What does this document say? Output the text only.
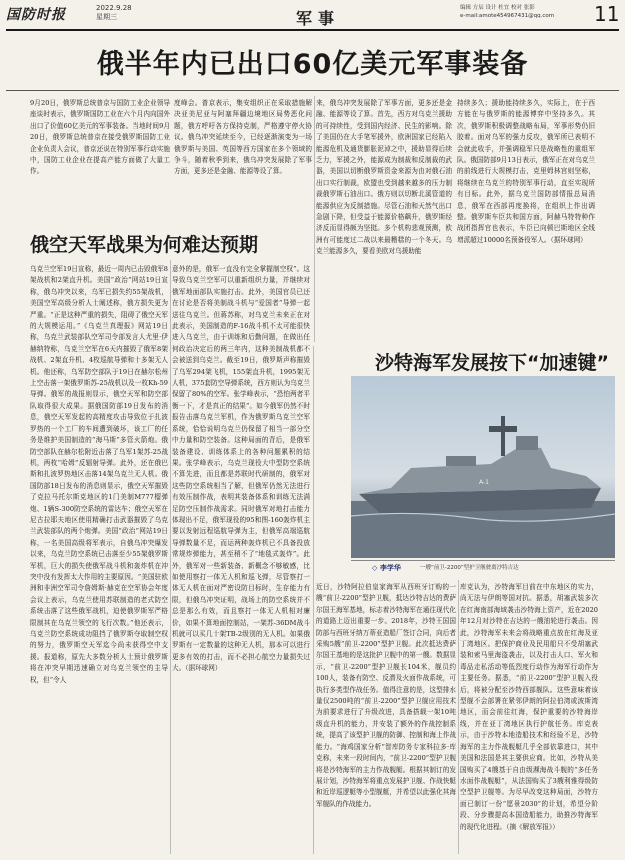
国防时报	2022.9.28
星期三	军事
编辑 方辰 设计 杜宜 校对 张影
e-mail:amote454967431@qq.com 11
俄半年内已出口60亿美元军事装备
9月20日，俄罗斯总统普京与国防工业企业领导座谈时表示，俄罗斯国防工业在六个月内向国外出口了价值60亿美元的军事装备。当地时间9月20日，俄罗斯总统普京在接受俄罗斯国防工业企业负责人会议，普京还说在特别军事行动实施中，国防工业企业在提高产能方面做了大量工作。
度峰会。普京表示，集安组织正在采取措施解决亚美尼亚与阿塞拜疆边境地区局势恶化问题，俄方呼吁各方保持克制，严格遵守停火协议。俄乌冲突延续至今，已经逐渐演变为一场俄罗斯与美国、英国等西方国家在多个领域的争斗，随着秋季到来，俄乌冲突发展除了军事方面，更多还是金融、能源等设了算。
来，俄乌冲突发展除了军事方面，更多还是金融、能源等设了算。首先，西方对乌克兰援助的可持续性，受到国内经济、民生的影响。除了美国仍在大手笔军援外，欧洲国家已经陷入能源危机及通货膨胀泥淖之中，援助显得后续乏力，军援之外，能源成为制裁和反制裁的武器，美国以切断俄罗斯资金来源为由对俄石油出口实行制裁，欧盟也受到越来越多的压力制裁俄罗斯石油出口。俄方则以切断北溪管道的能源供应为反制措施。尽管石油和天然气出口急剧下降，但受益于能源价格飙升，俄罗斯经济反而显得颇为坚挺。多个机构悲观预测，欧洲有可能度过二战以来最糟糕的一个冬天。乌克兰能源多久，要看美欧对乌援助能
持续多久；援助能持续多久，实际上，在于西方能在与俄罗斯的能源博弈中坚持多久。其次，俄罗斯积极调整战略布局，军事形势仍旧胶着。面对乌军的强力反攻，俄军所已表明不会就此收手，并强调稳军只是战略性的重组军队。俄国防部9月13日表示，俄军正在对乌克兰的前线进行大规模打击，克里姆林宫则坚称，将继续在乌克兰的特别军事行动，直至实现所有目标。此外，据乌克兰国防部情报总局消息，俄军在西部再度换将，在组织上作出调整。俄罗斯车臣共和国方面，阿赫马特特种作战团指挥官也表示，车臣已向顿巴斯地区全线增派超过10000名预备役军人。（据环球网）
俄空天军战果为何难达预期
乌克兰空军19日宣称，最近一周内已击毁俄军8架战机和2架直升机。美国“政治”网站19日宣称，俄乌冲突以来，乌军已损失约55架战机，美国空军高级分析人士阐述称，俄方损失更为严重。“正是这种严重的损失，阻碍了俄空天军的大规模运用。”《乌克兰真理报》网站19日称，乌克兰武装部队空军司令部发言人尤里·伊赫纳特称，乌克兰空军在6天内摧毁了俄军8架战机、2架直升机、4枚巡航导弹和十多架无人机。他还称，乌军防空部队于19日在赫尔松州上空击落一架俄罗斯苏-25战机以及一枚Kh-59导弹。俄军的战报则显示，俄空天军和防空部队取得很大成果。据俄国防部19日发布的消息，俄空天军发起的高精度攻击导致位于扎波罗热的一个工厂的车间遭到破坏，该工厂的任务是维护美国制造的“海马斯”多管火箭炮。俄防空部队在赫尔松附近击落了乌军1架苏-25战机，两枚“哈姆”反辐射导弹。此外，还在俄巴斯和扎波罗热地区击落14架乌克兰无人机。俄国防部18日发布的消息则显示，俄空天军摧毁了克拉马托尔斯克地区的1门美制M777榴弹炮、1辆S-300防空系统的雷达车；俄空天军在尼古拉耶夫地区使用精确打击武器摧毁了乌克兰武装部队的两个炮弹。美国“政治”网站19日称，一名美国高级将军表示，自俄乌冲突爆发以来，乌克兰防空系统已击落至少55架俄罗斯军机，巨大的损失使俄军战斗机和轰炸机在冲突中没有发挥太大作用的主要原因。“美国驻欧洲和非洲空军司令詹姆斯·赫克在空军协会年度会议上表示，乌克兰使用苏联制造的老式防空系统击落了这些俄军战机，迫使俄罗斯军严格限制其在乌克兰领空的飞行次数。”他还表示，乌克兰防空系统成功阻挡了俄罗斯夺取制空权的努力，俄罗斯空天军迄今尚未获得空中支援。报道称，原先大多数分析人士预计俄罗斯将在冲突早期迅速确立对乌克兰领空的主导权，但“令人
意外的是，俄军一直没有完全掌握制空权”。这导致乌克兰空军可以重新组织力量，并继续对俄军地面部队实施打击。此外，美国官员已还在讨论是否将美制战斗机与“爱国者”导弹一起送往乌克兰。但蒋苏称，对乌克兰未来正在对此表示，美国制造的F-16战斗机不太可能很快进入乌克兰，由于训练和后勤问题，在做出任何政治决定后的两三年内，这种美制战机都不会被送到乌克兰。截至19日，俄罗斯声称摧毁了乌军294架飞机，155架直升机，1995架无人机，375套防空导弹系统，西方则认为乌克兰保留了80%的空军。张学峰表示，“恐怕两者平衡一下，才是真正的结果”。如今俄军仍然不时报告击落乌克兰军机，作为俄罗斯乌克兰空军系统，恰恰说明乌克兰仍保留了相当一部分空中力量和防空装备。这种局面的背后，是俄军装备建设、训练体系上的各种问题累积的结果。张学峰表示，乌克兰现役大中型防空系统不算先进，而且都是苏联时代研制的，俄军对这些防空系统相当了解，但俄军仍然无法进行有效压制作战，表明其装备体系和训练无法满足防空压制作战需求。同时俄军对地打击能力体现出不足，俄军现役的95和图-160轰炸机主要以发射远程巡航导弹为主，但俄军高端巡航导弹数量不足，而运两种轰炸机已不具备投放常规炸弹能力，甚至稍不了“地毯式轰炸”。此外，俄军对一些新装备、新概念不够敏感，比如使用察打一体无人机和巡飞弹，尽管察打一体无人机在面对严密设防目标时，生存能力有限，但俄乌冲突证明，战场上的防空系统并不总是那么有效，而且察打一体无人机相对廉价，如果不算地面控制站，一架苏-36DM战斗机就可以买几十架TB-2级别的无人机。如果俄罗斯有一定数量的这种无人机，那本可以进行更多有效的打击，而不必担心航空力量损失过大。（据环球网）
沙特海军发展按下“加速键”
A-1
◇ 李学华	一艘“前卫-2200”型护卫舰驶离沙特吉达
近日，沙特阿拉伯皇家海军从西班牙订购的一艘“前卫-2200”型护卫舰，抵达沙特吉达的费萨尔国王海军基地，标志着沙特海军在通往现代化的道路上迈出重要一步。2018年，沙特王国国防部与西班牙纳万蒂亚造船厂签订合同，向后者采购5艘“前卫-2200”型护卫舰。此次抵达费萨尔国王基地的是这批护卫舰中的第一艘。数据显示，“前卫-2200”型护卫舰长104米，舰员约100人，装备有防空、反潜及火面作战系统，可执行多类型作战任务。值得注意的是，这型排水量仅2500吨的“前卫-2200”型护卫舰应用技术为前要求进行了升级改进，具备搭载一架10吨级直升机的能力，并安装了额外的作战控制系统，提高了该型护卫舰的防御、控制和海上作战能力。“海鸡国家分析”智库防务专家科拉多·库克称，未来一段时间内，“前卫-2200”型护卫舰将是沙特海军的主力作战舰艇。根据其制订的发展计划，沙特海军将重点发展护卫舰、作战快艇和近岸巡逻艇等小型舰艇，并希望以此强化其海军舰队的作战能力。
库克认为，沙特海军目前在中东地区的实力，尚无法与伊朗等国对抗。据悉，胡塞武装多次在红海南部海域袭击沙特海上资产，近在2020年12月对沙特在吉达的一艘油轮进行袭击。因此，沙特海军未来会将战略重点放在红海及亚丁湾地区。把保护商业及民用船只不受胡塞武装和索马里海盗袭击，以及打击人口、军火和毒品走私活动等低烈度行动作为海军行动作为主要任务。据悉，“前卫-2200”型护卫舰入役后，将被分配至沙特西部舰队。这些意味着该型舰不会部署在紧邻伊朗的阿拉伯湾或波斯湾地区，而会前往红海，保护重要的沙特海岸线，并在亚丁湾地区执行护航任务。库克表示，由于沙特本地造船技术和经验不足，沙特海军的主力作战舰艇几乎全部依靠进口，其中美国和法国是其主要供应商。比如，沙特从美国购买了4艘基于自由级濒海战斗舰的“多任务水面作战舰艇”，从法国购买了3艘利雅得级防空型护卫舰等。为尽早改变这种局面，沙特方面已制订一份“愿景2030”的计划，希望分阶段、分步骤提高本国造船能力，助推沙特海军的现代化进程。（摘《解放军报》）
